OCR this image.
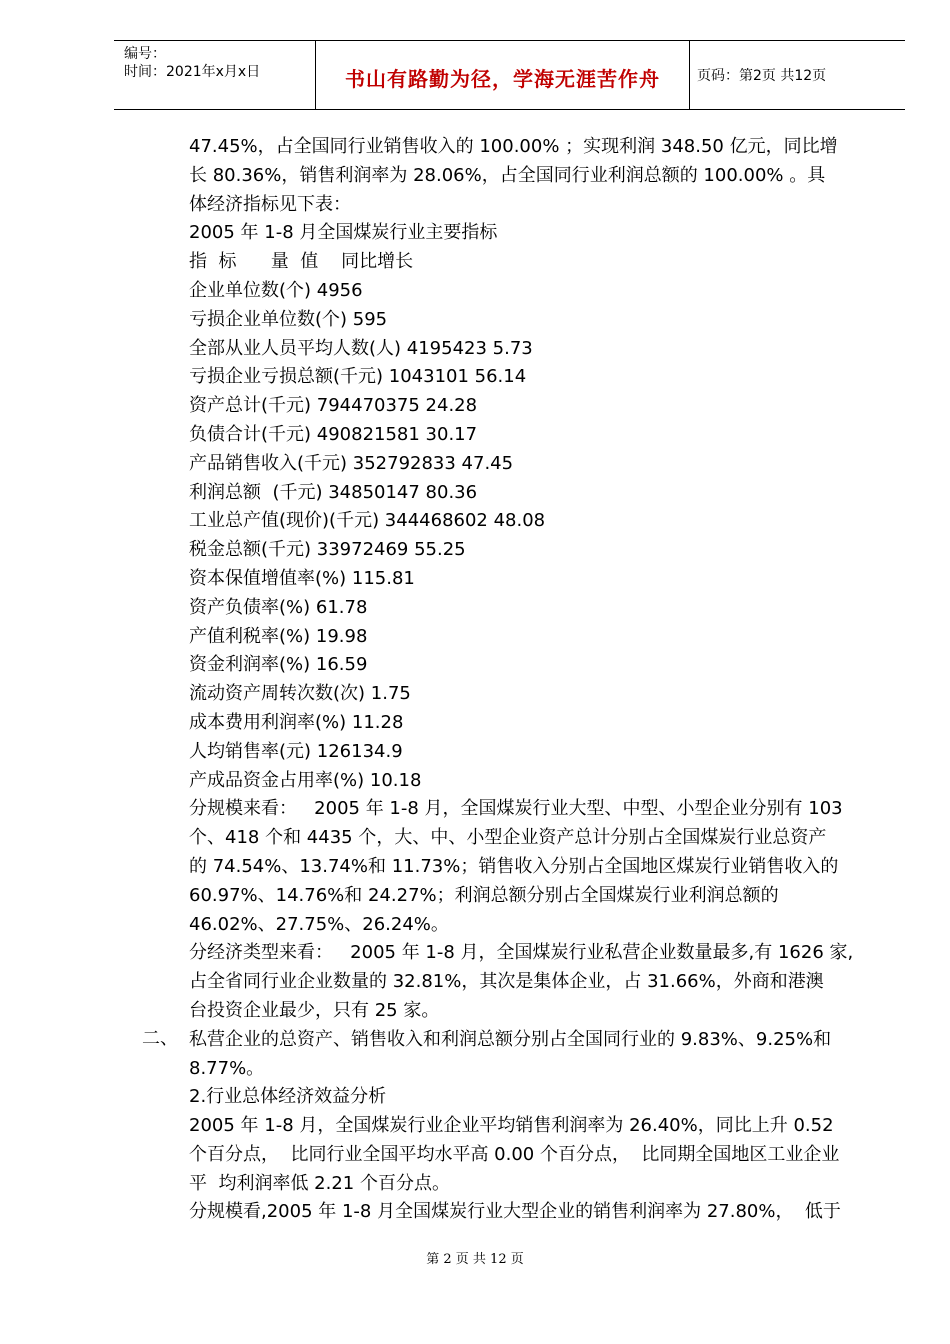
编号：
时间：2021年x月x日	书山有路勤为径，学海无涯苦作舟	页码：第2页 共12页
二、
47.45%，占全国同行业销售收入的 100.00% ；实现利润 348.50 亿元，同比增
长 80.36%，销售利润率为 28.06%，占全国同行业利润总额的 100.00% 。具
体经济指标见下表：
2005 年 1-8 月全国煤炭行业主要指标
指  标      量  值    同比增长
企业单位数(个) 4956
亏损企业单位数(个) 595
全部从业人员平均人数(人) 4195423 5.73
亏损企业亏损总额(千元) 1043101 56.14
资产总计(千元) 794470375 24.28
负债合计(千元) 490821581 30.17
产品销售收入(千元) 352792833 47.45
利润总额  (千元) 34850147 80.36
工业总产值(现价)(千元) 344468602 48.08
税金总额(千元) 33972469 55.25
资本保值增值率(%) 115.81
资产负债率(%) 61.78
产值利税率(%) 19.98
资金利润率(%) 16.59
流动资产周转次数(次) 1.75
成本费用利润率(%) 11.28
人均销售率(元) 126134.9
产成品资金占用率(%) 10.18
分规模来看：   2005 年 1-8 月，全国煤炭行业大型、中型、小型企业分别有 103
个、418 个和 4435 个，大、中、小型企业资产总计分别占全国煤炭行业总资产
的 74.54%、13.74%和 11.73%；销售收入分别占全国地区煤炭行业销售收入的
60.97%、14.76%和 24.27%；利润总额分别占全国煤炭行业利润总额的
46.02%、27.75%、26.24%。
分经济类型来看：   2005 年 1-8 月，全国煤炭行业私营企业数量最多,有 1626 家,
占全省同行业企业数量的 32.81%，其次是集体企业，占 31.66%，外商和港澳
台投资企业最少，只有 25 家。
私营企业的总资产、销售收入和利润总额分别占全国同行业的 9.83%、9.25%和
8.77%。
2.行业总体经济效益分析
2005 年 1-8 月，全国煤炭行业企业平均销售利润率为 26.40%，同比上升 0.52
个百分点，  比同行业全国平均水平高 0.00 个百分点，  比同期全国地区工业企业
平  均利润率低 2.21 个百分点。
分规模看,2005 年 1-8 月全国煤炭行业大型企业的销售利润率为 27.80%，  低于
第 2 页 共 12 页
